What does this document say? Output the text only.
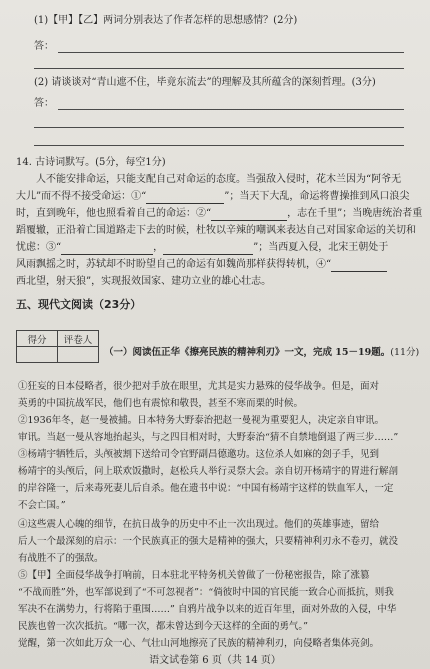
(1)【甲】【乙】两词分别表达了作者怎样的思想感情？(2分)
答：
(2) 请谈谈对“青山遮不住，毕竟东流去”的理解及其所蕴含的深刻哲理。(3分)
答：
14. 古诗词默写。(5分，每空1分)
人不能安排命运，只能支配自己对命运的态度。当强敌入侵时，花木兰因为“阿爷无
大儿”而不得不接受命运：①“	”；当天下大乱，命运将曹操推到风口浪尖
时，直到晚年，他也照看着自己的命运：②“	，志在千里”；当晚唐统治者重
蹈覆辙，正沿着亡国道路走下去的时候，杜牧以辛辣的嘲讽来表达自己对国家命运的关切和
忧虑：③“	，	”；当西夏入侵，北宋王朝处于
风雨飘摇之时，苏轼却不时盼望自己的命运有如魏尚那样获得转机，④“
西北望，射天狼”，实现报效国家、建功立业的雄心壮志。
五、现代文阅读（23分）
得分	评卷人

（一）阅读伍正华《擦亮民族的精神利刃》一文，完成 15－19题。(11分)
①狂妄的日本侵略者，很少把对手放在眼里，尤其是实力悬殊的侵华战争。但是，面对
英勇的中国抗战军民，他们也有震惊和敬畏，甚至不寒而栗的时候。
②1936年冬，赵一曼被捕。日本特务大野泰治把赵一曼视为重要犯人，决定亲自审讯。
审讯。当赵一曼从容地抬起头，与之四目相对时，大野泰治“猜不自禁地倒退了两三步……”
③杨靖宇牺牲后，头颅被割下送给司令官野副昌德邀功。这位杀人如麻的刽子手，见到
杨靖宇的头颅后，问上联欢饭撒时，赵松兵人举行灵祭大会。亲自切开杨靖宇的胃进行解剖
的岸谷隆一，后来毒死妻儿后自杀。他在遗书中说：“中国有杨靖宇这样的铁血军人，一定
不会亡国。”
④这些震人心魄的细节，在抗日战争的历史中不止一次出现过。他们的英雄事迹，留给
后人一个最深刻的启示：一个民族真正的强大是精神的强大，只要精神利刃永不卷刃，就没
有战胜不了的强敌。
⑤【甲】全面侵华战争打响前，日本驻北平特务机关曾做了一份秘密报告，除了涨篡
“不战而胜”外，也军部说到了“不可忽视者”：“倘彼时中国的官民能一致合心而抵抗，则我
军决不在满势力，行将陷于重围……” 自鸦片战争以来的近百年里，面对外敌的入侵，中华
民族也曾一次次抵抗。“哪一次，都未曾达到今天这样的全面的勇气。”
觉醒，第一次如此万众一心、气壮山河地擦亮了民族的精神利刃，向侵略者集体亮剑。
语文试卷第 6 页（共 14 页）
